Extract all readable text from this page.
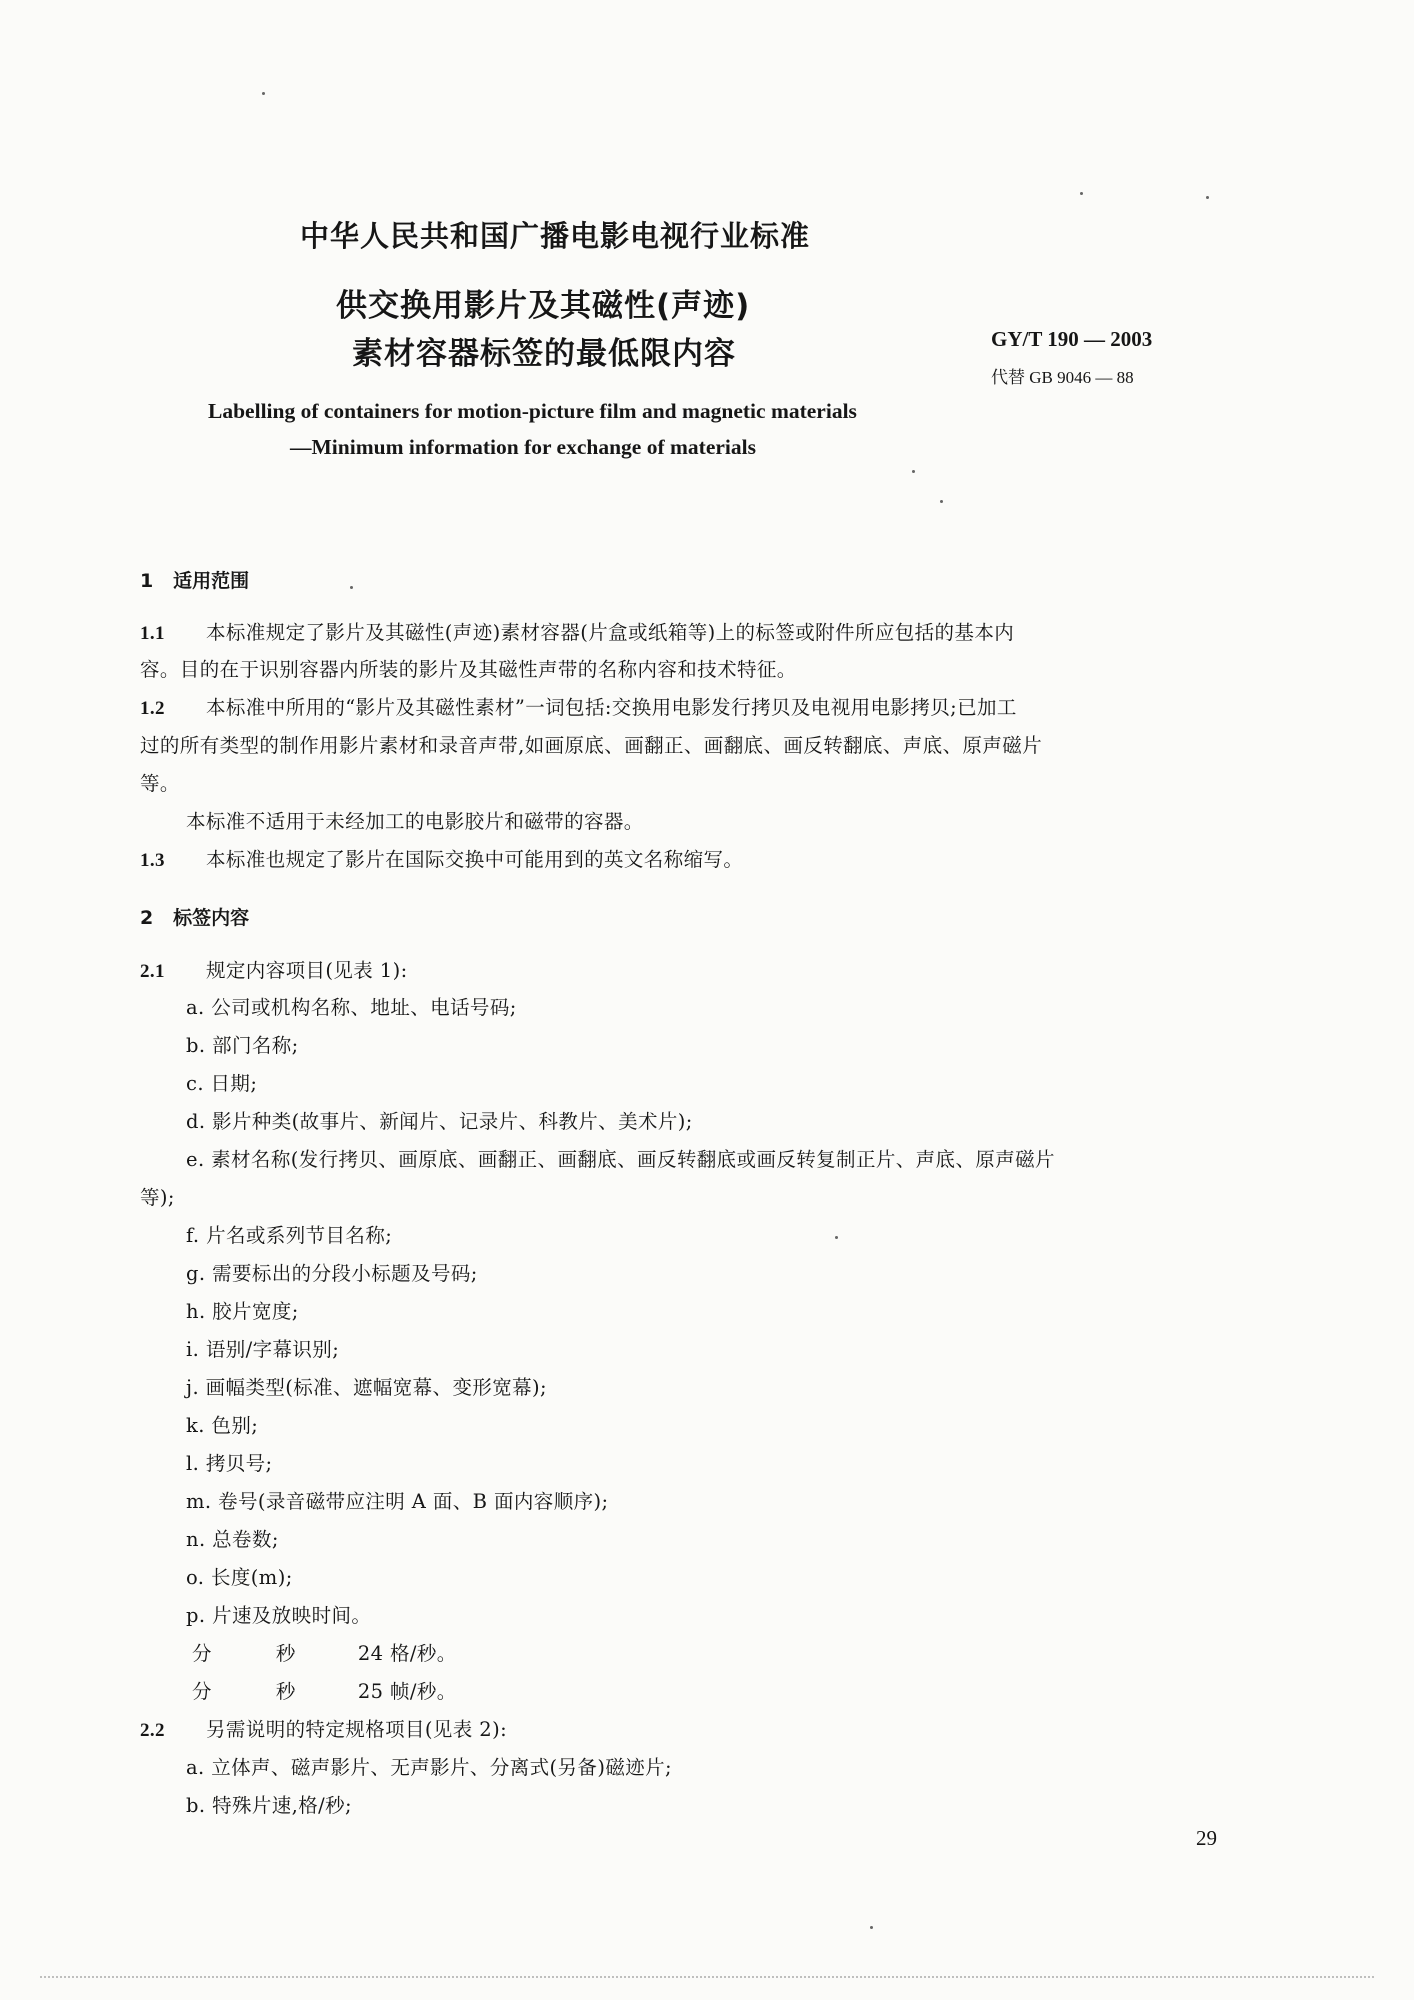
中华人民共和国广播电影电视行业标准
供交换用影片及其磁性(声迹)
素材容器标签的最低限内容	GY/T 190 — 2003
代替 GB 9046 — 88
Labelling of containers for motion-picture film and magnetic materials
—Minimum information for exchange of materials
1 适用范围
1.1 本标准规定了影片及其磁性(声迹)素材容器(片盒或纸箱等)上的标签或附件所应包括的基本内
容。目的在于识别容器内所装的影片及其磁性声带的名称内容和技术特征。
1.2 本标准中所用的“影片及其磁性素材”一词包括:交换用电影发行拷贝及电视用电影拷贝;已加工
过的所有类型的制作用影片素材和录音声带,如画原底、画翻正、画翻底、画反转翻底、声底、原声磁片
等。
本标准不适用于未经加工的电影胶片和磁带的容器。
1.3 本标准也规定了影片在国际交换中可能用到的英文名称缩写。
2 标签内容
2.1 规定内容项目(见表 1):
a. 公司或机构名称、地址、电话号码;
b. 部门名称;
c. 日期;
d. 影片种类(故事片、新闻片、记录片、科教片、美术片);
e. 素材名称(发行拷贝、画原底、画翻正、画翻底、画反转翻底或画反转复制正片、声底、原声磁片
等);
f. 片名或系列节目名称;
g. 需要标出的分段小标题及号码;
h. 胶片宽度;
i. 语别/字幕识别;
j. 画幅类型(标准、遮幅宽幕、变形宽幕);
k. 色别;
l. 拷贝号;
m. 卷号(录音磁带应注明 A 面、B 面内容顺序);
n. 总卷数;
o. 长度(m);
p. 片速及放映时间。
分	秒	24 格/秒。
分	秒	25 帧/秒。
2.2 另需说明的特定规格项目(见表 2):
a. 立体声、磁声影片、无声影片、分离式(另备)磁迹片;
b. 特殊片速,格/秒;
29
